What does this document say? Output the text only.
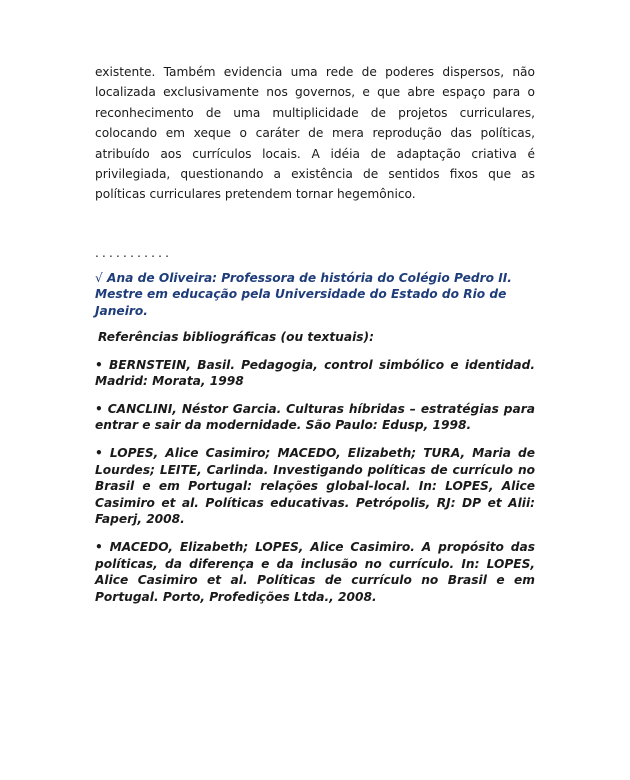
existente. Também evidencia uma rede de poderes dispersos, não localizada exclusivamente nos governos, e que abre espaço para o reconhecimento de uma multiplicidade de projetos curriculares, colocando em xeque o caráter de mera reprodução das políticas, atribuído aos currículos locais. A idéia de adaptação criativa é privilegiada, questionando a existência de sentidos fixos que as políticas curriculares pretendem tornar hegemônico.

...........
√ Ana de Oliveira: Professora de história do Colégio Pedro II. Mestre em educação pela Universidade do Estado do Rio de Janeiro.
Referências bibliográficas (ou textuais):
• BERNSTEIN, Basil. Pedagogia, control simbólico e identidad. Madrid: Morata, 1998
• CANCLINI, Néstor Garcia. Culturas híbridas – estratégias para entrar e sair da modernidade. São Paulo: Edusp, 1998.
• LOPES, Alice Casimiro; MACEDO, Elizabeth; TURA, Maria de Lourdes; LEITE, Carlinda. Investigando políticas de currículo no Brasil e em Portugal: relações global-local. In: LOPES, Alice Casimiro et al. Políticas educativas. Petrópolis, RJ: DP et Alii: Faperj, 2008.
• MACEDO, Elizabeth; LOPES, Alice Casimiro. A propósito das políticas, da diferença e da inclusão no currículo. In: LOPES, Alice Casimiro et al. Políticas de currículo no Brasil e em Portugal. Porto, Profedições Ltda., 2008.
